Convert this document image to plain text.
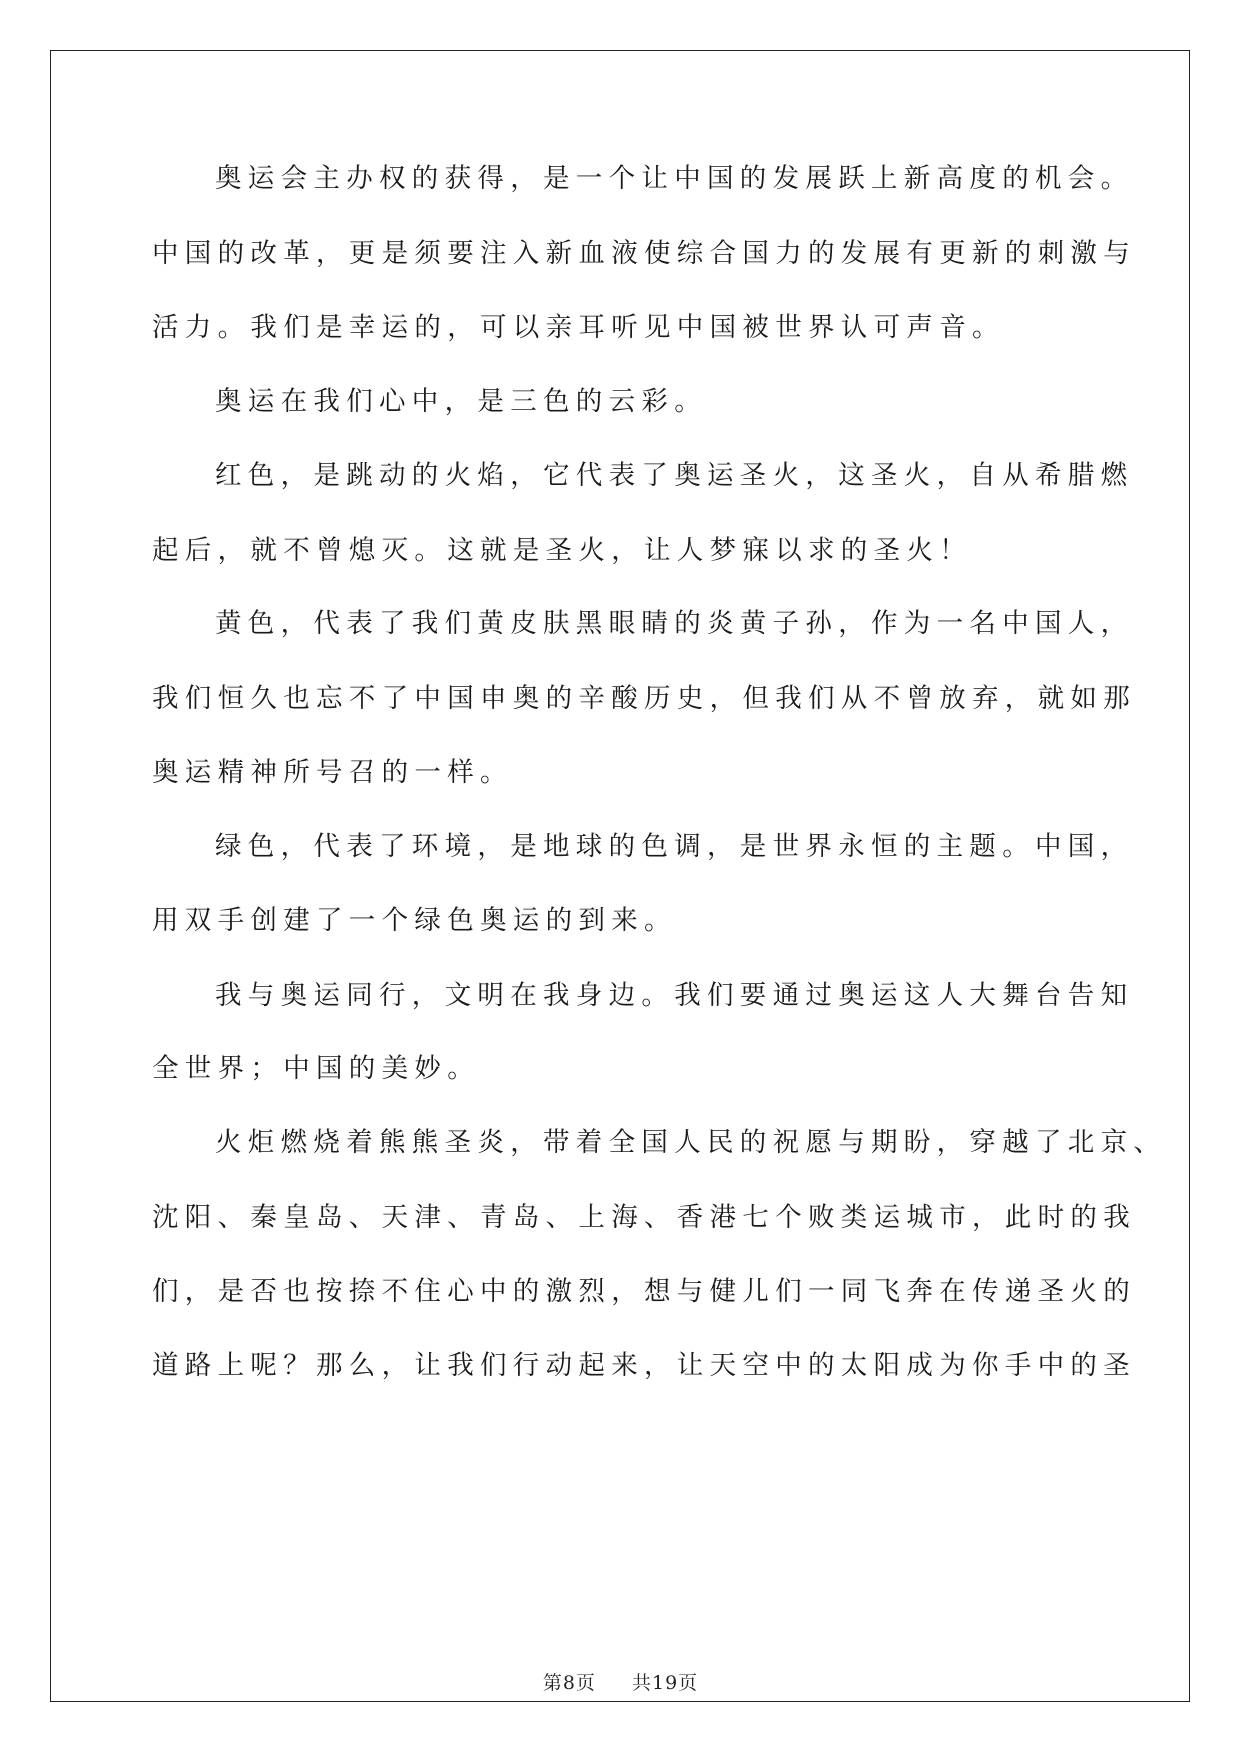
奥运会主办权的获得，是一个让中国的发展跃上新高度的机会。
中国的改革，更是须要注入新血液使综合国力的发展有更新的刺激与
活力。我们是幸运的，可以亲耳听见中国被世界认可声音。
奥运在我们心中，是三色的云彩。
红色，是跳动的火焰，它代表了奥运圣火，这圣火，自从希腊燃
起后，就不曾熄灭。这就是圣火，让人梦寐以求的圣火！
黄色，代表了我们黄皮肤黑眼睛的炎黄子孙，作为一名中国人，
我们恒久也忘不了中国申奥的辛酸历史，但我们从不曾放弃，就如那
奥运精神所号召的一样。
绿色，代表了环境，是地球的色调，是世界永恒的主题。中国，
用双手创建了一个绿色奥运的到来。
我与奥运同行，文明在我身边。我们要通过奥运这人大舞台告知
全世界；中国的美妙。
火炬燃烧着熊熊圣炎，带着全国人民的祝愿与期盼，穿越了北京、
沈阳、秦皇岛、天津、青岛、上海、香港七个败类运城市，此时的我
们，是否也按捺不住心中的激烈，想与健儿们一同飞奔在传递圣火的
道路上呢？那么，让我们行动起来，让天空中的太阳成为你手中的圣
第8页 共19页
